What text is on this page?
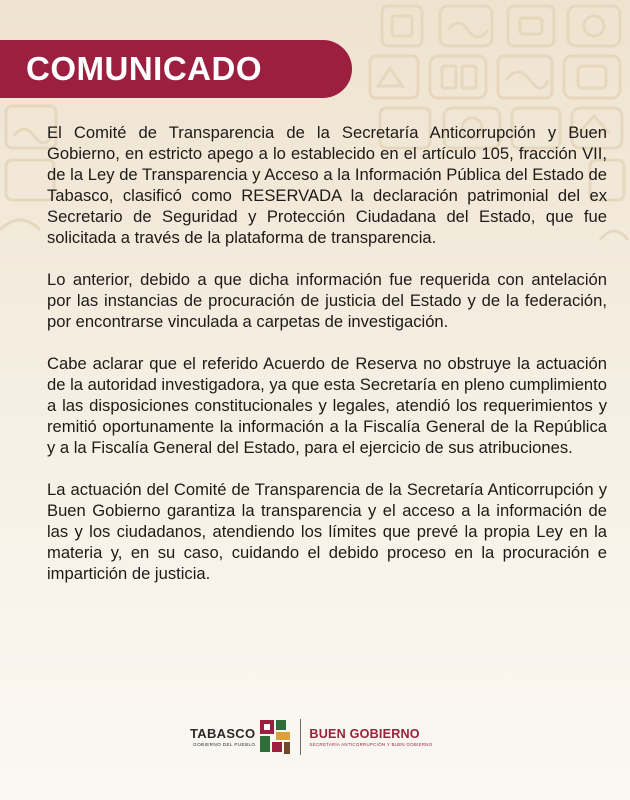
COMUNICADO

El Comité de Transparencia de la Secretaría Anticorrupción y Buen Gobierno, en estricto apego a lo establecido en el artículo 105, fracción VII, de la Ley de Transparencia y Acceso a la Información Pública del Estado de Tabasco, clasificó como RESERVADA la declaración patrimonial del ex Secretario de Seguridad y Protección Ciudadana del Estado, que fue solicitada a través de la plataforma de transparencia.

Lo anterior, debido a que dicha información fue requerida con antelación por las instancias de procuración de justicia del Estado y de la federación, por encontrarse vinculada a carpetas de investigación.

Cabe aclarar que el referido Acuerdo de Reserva no obstruye la actuación de la autoridad investigadora, ya que esta Secretaría en pleno cumplimiento a las disposiciones constitucionales y legales, atendió los requerimientos y remitió oportunamente la información a la Fiscalía General de la República y a la Fiscalía General del Estado, para el ejercicio de sus atribuciones.

La actuación del Comité de Transparencia de la Secretaría Anticorrupción y Buen Gobierno garantiza la transparencia y el acceso a la información de las y los ciudadanos, atendiendo los límites que prevé la propia Ley en la materia y, en su caso, cuidando el debido proceso en la procuración e impartición de justicia.

TABASCO
GOBIERNO DEL PUEBLO
BUEN GOBIERNO
SECRETARÍA ANTICORRUPCIÓN Y BUEN GOBIERNO
